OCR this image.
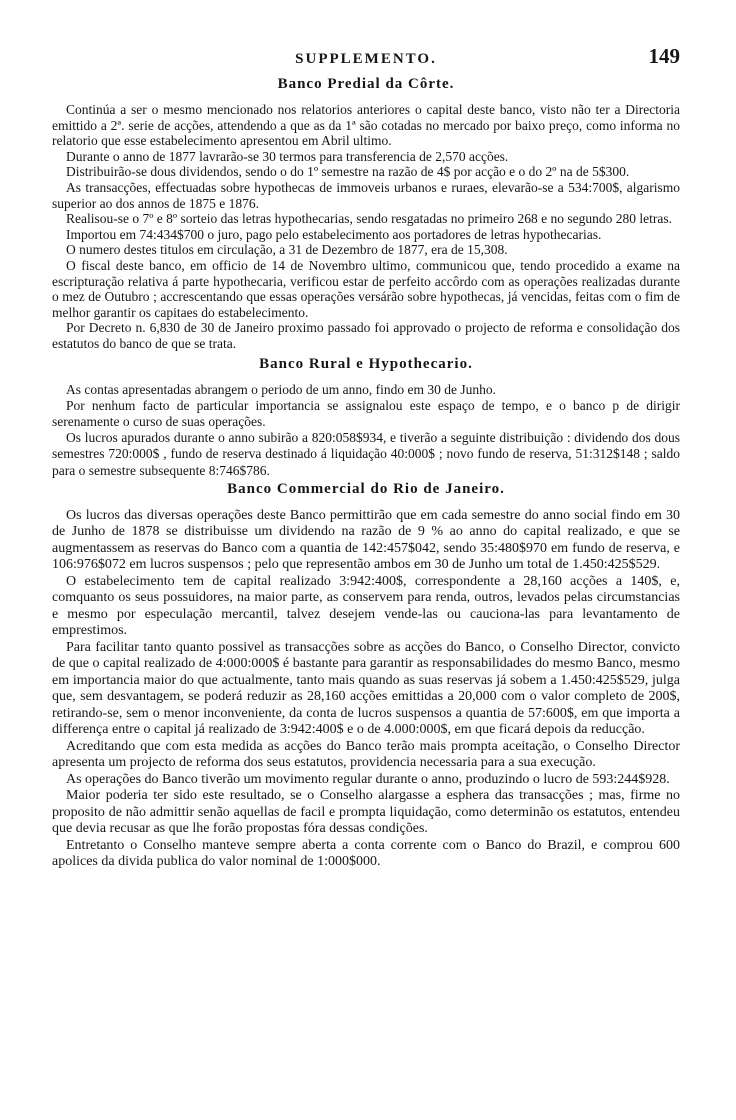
SUPPLEMENTO.	149
Banco Predial da Côrte.

Continúa a ser o mesmo mencionado nos relatorios anteriores o capital deste banco, visto não ter a Directoria emittido a 2ª. serie de acções, attendendo a que as da 1ª são cotadas no mercado por baixo preço, como informa no relatorio que esse estabelecimento apresentou em Abril ultimo.

Durante o anno de 1877 lavrarão-se 30 termos para transferencia de 2,570 acções.

Distribuirão-se dous dividendos, sendo o do 1º semestre na razão de 4$ por acção e o do 2º na de 5$300.

As transacções, effectuadas sobre hypothecas de immoveis urbanos e ruraes, elevarão-se a 534:700$, algarismo superior ao dos annos de 1875 e 1876.

Realisou-se o 7º e 8º sorteio das letras hypothecarias, sendo resgatadas no primeiro 268 e no segundo 280 letras.

Importou em 74:434$700 o juro, pago pelo estabelecimento aos portadores de letras hypothecarias.

O numero destes titulos em circulação, a 31 de Dezembro de 1877, era de 15,308.

O fiscal deste banco, em officio de 14 de Novembro ultimo, communicou que, tendo procedido a exame na escripturação relativa á parte hypothecaria, verificou estar de perfeito accôrdo com as operações realizadas durante o mez de Outubro ; accrescentando que essas operações versárão sobre hypothecas, já vencidas, feitas com o fim de melhor garantir os capitaes do estabelecimento.

Por Decreto n. 6,830 de 30 de Janeiro proximo passado foi approvado o projecto de reforma e consolidação dos estatutos do banco de que se trata.

Banco Rural e Hypothecario.

As contas apresentadas abrangem o periodo de um anno, findo em 30 de Junho.

Por nenhum facto de particular importancia se assignalou este espaço de tempo, e o banco p de dirigir serenamente o curso de suas operações.

Os lucros apurados durante o anno subirão a 820:058$934, e tiverão a seguinte distribuição : dividendo dos dous semestres 720:000$ , fundo de reserva destinado á liquidação 40:000$ ; novo fundo de reserva, 51:312$148 ; saldo para o semestre subsequente 8:746$786.

Banco Commercial do Rio de Janeiro.

Os lucros das diversas operações deste Banco permittirão que em cada semestre do anno social findo em 30 de Junho de 1878 se distribuisse um dividendo na razão de 9 % ao anno do capital realizado, e que se augmentassem as reservas do Banco com a quantia de 142:457$042, sendo 35:480$970 em fundo de reserva, e 106:976$072 em lucros suspensos ; pelo que representão ambos em 30 de Junho um total de 1.450:425$529.

O estabelecimento tem de capital realizado 3:942:400$, correspondente a 28,160 acções a 140$, e, comquanto os seus possuidores, na maior parte, as conservem para renda, outros, levados pelas circumstancias e mesmo por especulação mercantil, talvez desejem vende-las ou cauciona-las para levantamento de emprestimos.

Para facilitar tanto quanto possivel as transacções sobre as acções do Banco, o Conselho Director, convicto de que o capital realizado de 4:000:000$ é bastante para garantir as responsabilidades do mesmo Banco, mesmo em importancia maior do que actualmente, tanto mais quando as suas reservas já sobem a 1.450:425$529, julga que, sem desvantagem, se poderá reduzir as 28,160 acções emittidas a 20,000 com o valor completo de 200$, retirando-se, sem o menor inconveniente, da conta de lucros suspensos a quantia de 57:600$, em que importa a differença entre o capital já realizado de 3:942:400$ e o de 4.000:000$, em que ficará depois da reducção.

Acreditando que com esta medida as acções do Banco terão mais prompta aceitação, o Conselho Director apresenta um projecto de reforma dos seus estatutos, providencia necessaria para a sua execução.

As operações do Banco tiverão um movimento regular durante o anno, produzindo o lucro de 593:244$928.

Maior poderia ter sido este resultado, se o Conselho alargasse a esphera das transacções ; mas, firme no proposito de não admittir senão aquellas de facil e prompta liquidação, como determinão os estatutos, entendeu que devia recusar as que lhe forão propostas fóra dessas condições.

Entretanto o Conselho manteve sempre aberta a conta corrente com o Banco do Brazil, e comprou 600 apolices da divida publica do valor nominal de 1:000$000.
